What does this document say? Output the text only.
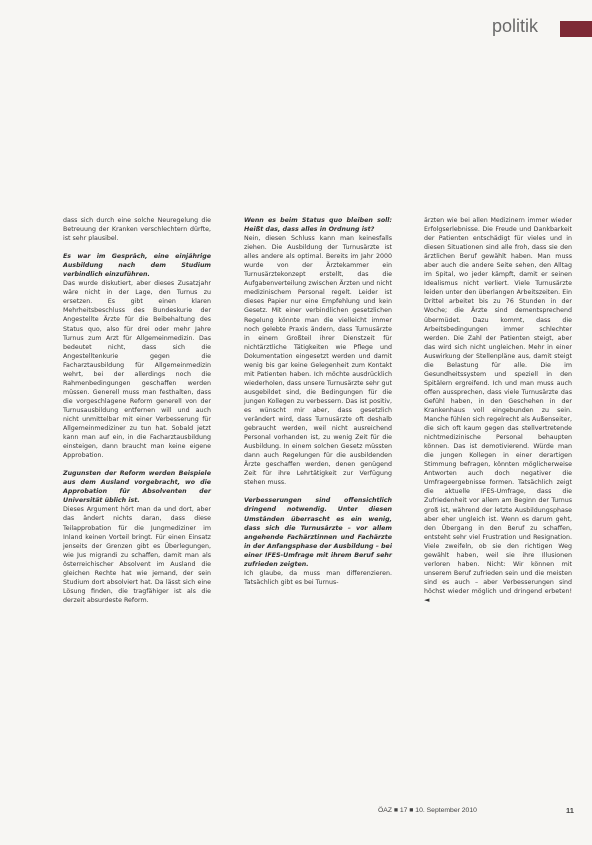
politik

dass sich durch eine solche Neuregelung die Betreuung der Kranken verschlechtern dürfte, ist sehr plausibel.

Es war im Gespräch, eine einjährige Ausbildung nach dem Studium verbindlich einzuführen.

Das wurde diskutiert, aber dieses Zusatzjahr wäre nicht in der Lage, den Turnus zu ersetzen. Es gibt einen klaren Mehrheitsbeschluss des Bundeskurie der Angestellte Ärzte für die Beibehaltung des Status quo, also für drei oder mehr Jahre Turnus zum Arzt für Allgemeinmedizin. Das bedeutet nicht, dass sich die Angestelltenkurie gegen die Facharztausbildung für Allgemeinmedizin wehrt, bei der allerdings noch die Rahmenbedingungen geschaffen werden müssen. Generell muss man festhalten, dass die vorgeschlagene Reform generell von der Turnusausbildung entfernen will und auch nicht unmittelbar mit einer Verbesserung für Allgemeinmediziner zu tun hat. Sobald jetzt kann man auf ein, in die Facharztausbildung einsteigen, dann braucht man keine eigene Approbation.

Zugunsten der Reform werden Beispiele aus dem Ausland vorgebracht, wo die Approbation für Absolventen der Universität üblich ist.

Dieses Argument hört man da und dort, aber das ändert nichts daran, dass diese Teilapprobation für die Jungmediziner im Inland keinen Vorteil bringt. Für einen Einsatz jenseits der Grenzen gibt es Überlegungen, wie Jus migrandi zu schaffen, damit man als österreichischer Absolvent im Ausland die gleichen Rechte hat wie jemand, der sein Studium dort absolviert hat. Da lässt sich eine Lösung finden, die tragfähiger ist als die derzeit absurdeste Reform.

Wenn es beim Status quo bleiben soll: Heißt das, dass alles in Ordnung ist?

Nein, diesen Schluss kann man keinesfalls ziehen. Die Ausbildung der Turnusärzte ist alles andere als optimal. Bereits im Jahr 2000 wurde von der Ärztekammer ein Turnusärztekonzept erstellt, das die Aufgabenverteilung zwischen Ärzten und nicht medizinischem Personal regelt. Leider ist dieses Papier nur eine Empfehlung und kein Gesetz. Mit einer verbindlichen gesetzlichen Regelung könnte man die vielleicht immer noch gelebte Praxis ändern, dass Turnusärzte in einem Großteil ihrer Dienstzeit für nichtärztliche Tätigkeiten wie Pflege und Dokumentation eingesetzt werden und damit wenig bis gar keine Gelegenheit zum Kontakt mit Patienten haben. Ich möchte ausdrücklich wiederholen, dass unsere Turnusärzte sehr gut ausgebildet sind, die Bedingungen für die jungen Kollegen zu verbessern. Das ist positiv, es wünscht mir aber, dass gesetzlich verändert wird, dass Turnusärzte oft deshalb gebraucht werden, weil nicht ausreichend Personal vorhanden ist, zu wenig Zeit für die Ausbildung. In einem solchen Gesetz müssten dann auch Regelungen für die ausbildenden Ärzte geschaffen werden, denen genügend Zeit für ihre Lehrtätigkeit zur Verfügung stehen muss.

Verbesserungen sind offensichtlich dringend notwendig. Unter diesen Umständen überrascht es ein wenig, dass sich die Turnusärzte – vor allem angehende Fachärztinnen und Fachärzte in der Anfangsphase der Ausbildung – bei einer IFES-Umfrage mit ihrem Beruf sehr zufrieden zeigten.

Ich glaube, da muss man differenzieren. Tatsächlich gibt es bei Turnus-

ärzten wie bei allen Medizinern immer wieder Erfolgserlebnisse. Die Freude und Dankbarkeit der Patienten entschädigt für vieles und in diesen Situationen sind alle froh, dass sie den ärztlichen Beruf gewählt haben. Man muss aber auch die andere Seite sehen, den Alltag im Spital, wo jeder kämpft, damit er seinen Idealismus nicht verliert. Viele Turnusärzte leiden unter den überlangen Arbeitszeiten. Ein Drittel arbeitet bis zu 76 Stunden in der Woche; die Ärzte sind dementsprechend übermüdet. Dazu kommt, dass die Arbeitsbedingungen immer schlechter werden. Die Zahl der Patienten steigt, aber das wird sich nicht ungleichen. Mehr in einer Auswirkung der Stellenpläne aus, damit steigt die Belastung für alle. Die im Gesundheitssystem und speziell in den Spitälern ergreifend. Ich und man muss auch offen aussprechen, dass viele Turnusärzte das Gefühl haben, in den Geschehen in der Krankenhaus voll eingebunden zu sein. Manche fühlen sich regelrecht als Außenseiter, die sich oft kaum gegen das stellvertretende nichtmedizinische Personal behaupten können. Das ist demotivierend. Würde man die jungen Kollegen in einer derartigen Stimmung befragen, könnten möglicherweise Antworten auch doch negativer die Umfrageergebnisse formen. Tatsächlich zeigt die aktuelle IFES-Umfrage, dass die Zufriedenheit vor allem am Beginn der Turnus groß ist, während der letzte Ausbildungsphase aber eher ungleich ist. Wenn es darum geht, den Übergang in den Beruf zu schaffen, entsteht sehr viel Frustration und Resignation. Viele zweifeln, ob sie den richtigen Weg gewählt haben, weil sie ihre Illusionen verloren haben. Nicht: Wir können mit unserem Beruf zufrieden sein und die meisten sind es auch – aber Verbesserungen sind höchst wieder möglich und dringend erbeten! ◄

ÖAZ ■ 17 ■ 10. September 2010	11
